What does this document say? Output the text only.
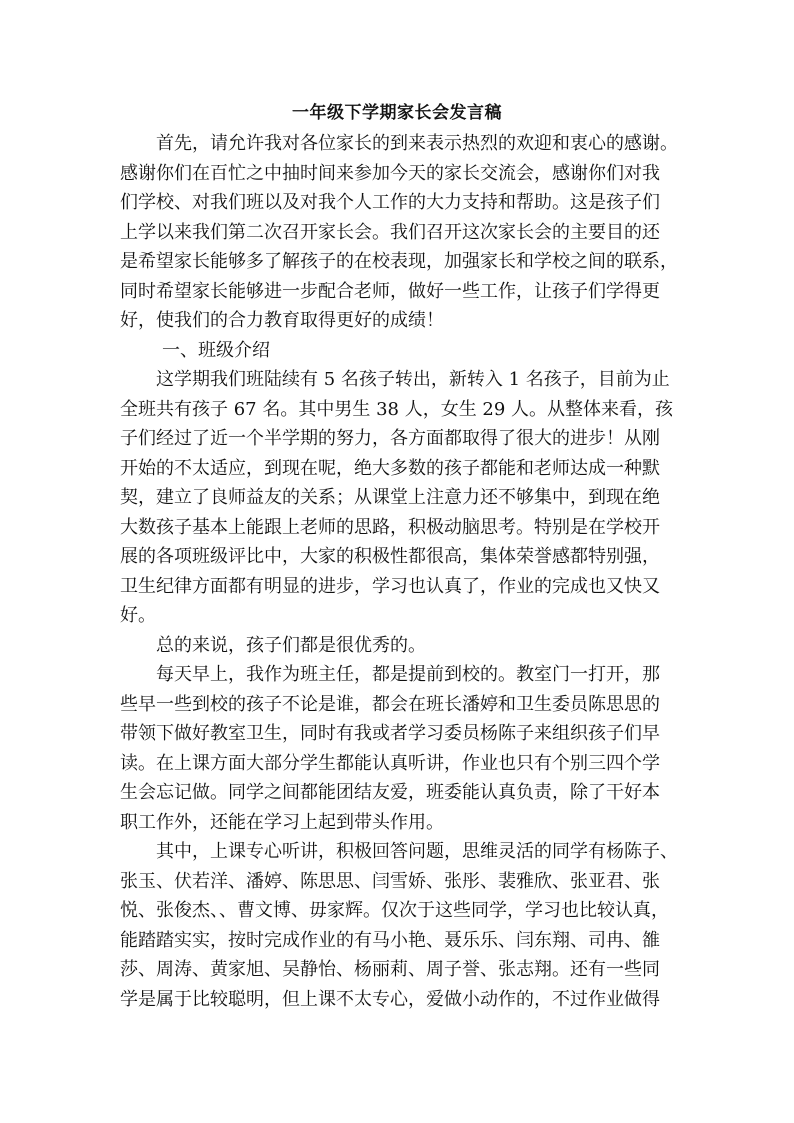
一年级下学期家长会发言稿
首先，请允许我对各位家长的到来表示热烈的欢迎和衷心的感谢。
感谢你们在百忙之中抽时间来参加今天的家长交流会，感谢你们对我
们学校、对我们班以及对我个人工作的大力支持和帮助。这是孩子们
上学以来我们第二次召开家长会。我们召开这次家长会的主要目的还
是希望家长能够多了解孩子的在校表现，加强家长和学校之间的联系，
同时希望家长能够进一步配合老师，做好一些工作，让孩子们学得更
好，使我们的合力教育取得更好的成绩！
一、班级介绍
这学期我们班陆续有 5 名孩子转出，新转入 1 名孩子，目前为止
全班共有孩子 67 名。其中男生 38 人，女生 29 人。从整体来看，孩
子们经过了近一个半学期的努力，各方面都取得了很大的进步！从刚
开始的不太适应，到现在呢，绝大多数的孩子都能和老师达成一种默
契，建立了良师益友的关系；从课堂上注意力还不够集中，到现在绝
大数孩子基本上能跟上老师的思路，积极动脑思考。特别是在学校开
展的各项班级评比中，大家的积极性都很高，集体荣誉感都特别强，
卫生纪律方面都有明显的进步，学习也认真了，作业的完成也又快又
好。
总的来说，孩子们都是很优秀的。
每天早上，我作为班主任，都是提前到校的。教室门一打开，那
些早一些到校的孩子不论是谁，都会在班长潘婷和卫生委员陈思思的
带领下做好教室卫生，同时有我或者学习委员杨陈子来组织孩子们早
读。在上课方面大部分学生都能认真听讲，作业也只有个别三四个学
生会忘记做。同学之间都能团结友爱，班委能认真负责，除了干好本
职工作外，还能在学习上起到带头作用。
其中，上课专心听讲，积极回答问题，思维灵活的同学有杨陈子、
张玉、伏若洋、潘婷、陈思思、闫雪娇、张彤、裴雅欣、张亚君、张
悦、张俊杰、、曹文博、毋家辉。仅次于这些同学，学习也比较认真，
能踏踏实实，按时完成作业的有马小艳、聂乐乐、闫东翔、司冉、雒
莎、周涛、黄家旭、吴静怡、杨丽莉、周子誉、张志翔。还有一些同
学是属于比较聪明，但上课不太专心，爱做小动作的，不过作业做得
